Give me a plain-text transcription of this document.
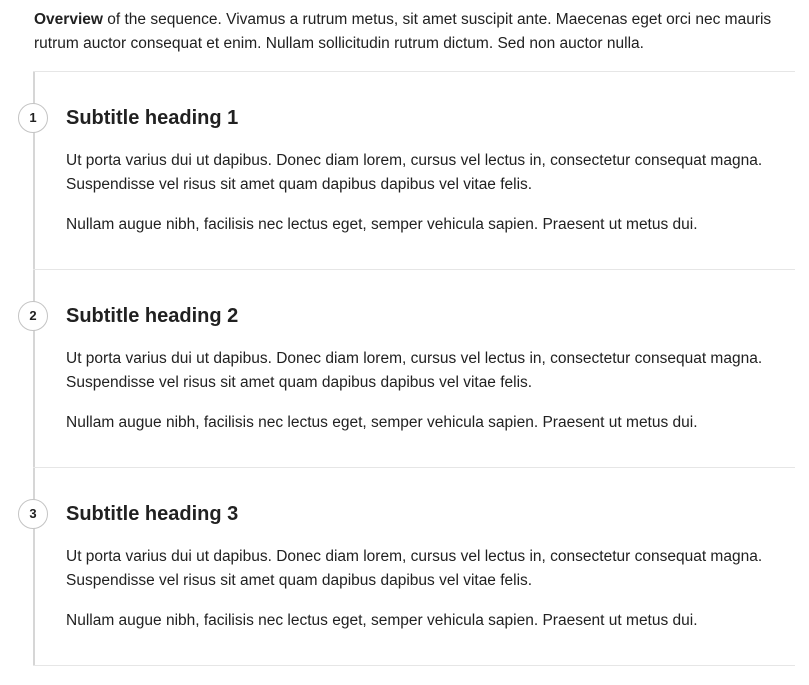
Overview of the sequence. Vivamus a rutrum metus, sit amet suscipit ante. Maecenas eget orci nec mauris rutrum auctor consequat et enim. Nullam sollicitudin rutrum dictum. Sed non auctor nulla.

1	Subtitle heading 1

Ut porta varius dui ut dapibus. Donec diam lorem, cursus vel lectus in, consectetur consequat magna. Suspendisse vel risus sit amet quam dapibus dapibus vel vitae felis.

Nullam augue nibh, facilisis nec lectus eget, semper vehicula sapien. Praesent ut metus dui.

2	Subtitle heading 2

Ut porta varius dui ut dapibus. Donec diam lorem, cursus vel lectus in, consectetur consequat magna. Suspendisse vel risus sit amet quam dapibus dapibus vel vitae felis.

Nullam augue nibh, facilisis nec lectus eget, semper vehicula sapien. Praesent ut metus dui.

3	Subtitle heading 3

Ut porta varius dui ut dapibus. Donec diam lorem, cursus vel lectus in, consectetur consequat magna. Suspendisse vel risus sit amet quam dapibus dapibus vel vitae felis.

Nullam augue nibh, facilisis nec lectus eget, semper vehicula sapien. Praesent ut metus dui.
